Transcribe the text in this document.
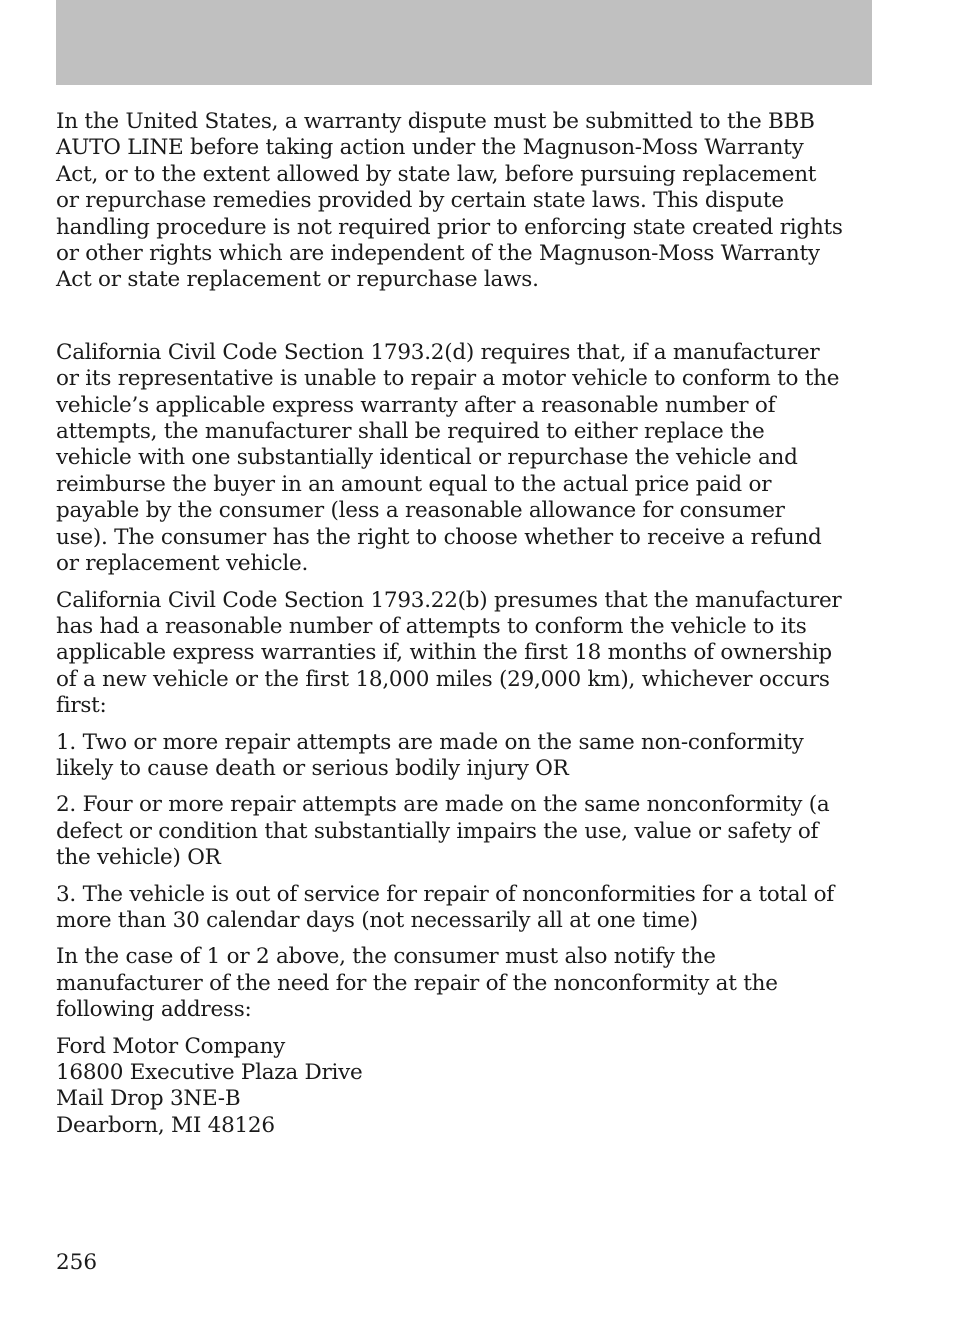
In the United States, a warranty dispute must be submitted to the BBB
AUTO LINE before taking action under the Magnuson-Moss Warranty
Act, or to the extent allowed by state law, before pursuing replacement
or repurchase remedies provided by certain state laws. This dispute
handling procedure is not required prior to enforcing state created rights
or other rights which are independent of the Magnuson-Moss Warranty
Act or state replacement or repurchase laws.

California Civil Code Section 1793.2(d) requires that, if a manufacturer
or its representative is unable to repair a motor vehicle to conform to the
vehicle’s applicable express warranty after a reasonable number of
attempts, the manufacturer shall be required to either replace the
vehicle with one substantially identical or repurchase the vehicle and
reimburse the buyer in an amount equal to the actual price paid or
payable by the consumer (less a reasonable allowance for consumer
use). The consumer has the right to choose whether to receive a refund
or replacement vehicle.

California Civil Code Section 1793.22(b) presumes that the manufacturer
has had a reasonable number of attempts to conform the vehicle to its
applicable express warranties if, within the first 18 months of ownership
of a new vehicle or the first 18,000 miles (29,000 km), whichever occurs
first:

1. Two or more repair attempts are made on the same non-conformity
likely to cause death or serious bodily injury OR

2. Four or more repair attempts are made on the same nonconformity (a
defect or condition that substantially impairs the use, value or safety of
the vehicle) OR

3. The vehicle is out of service for repair of nonconformities for a total of
more than 30 calendar days (not necessarily all at one time)

In the case of 1 or 2 above, the consumer must also notify the
manufacturer of the need for the repair of the nonconformity at the
following address:

Ford Motor Company
16800 Executive Plaza Drive
Mail Drop 3NE-B
Dearborn, MI 48126
256
